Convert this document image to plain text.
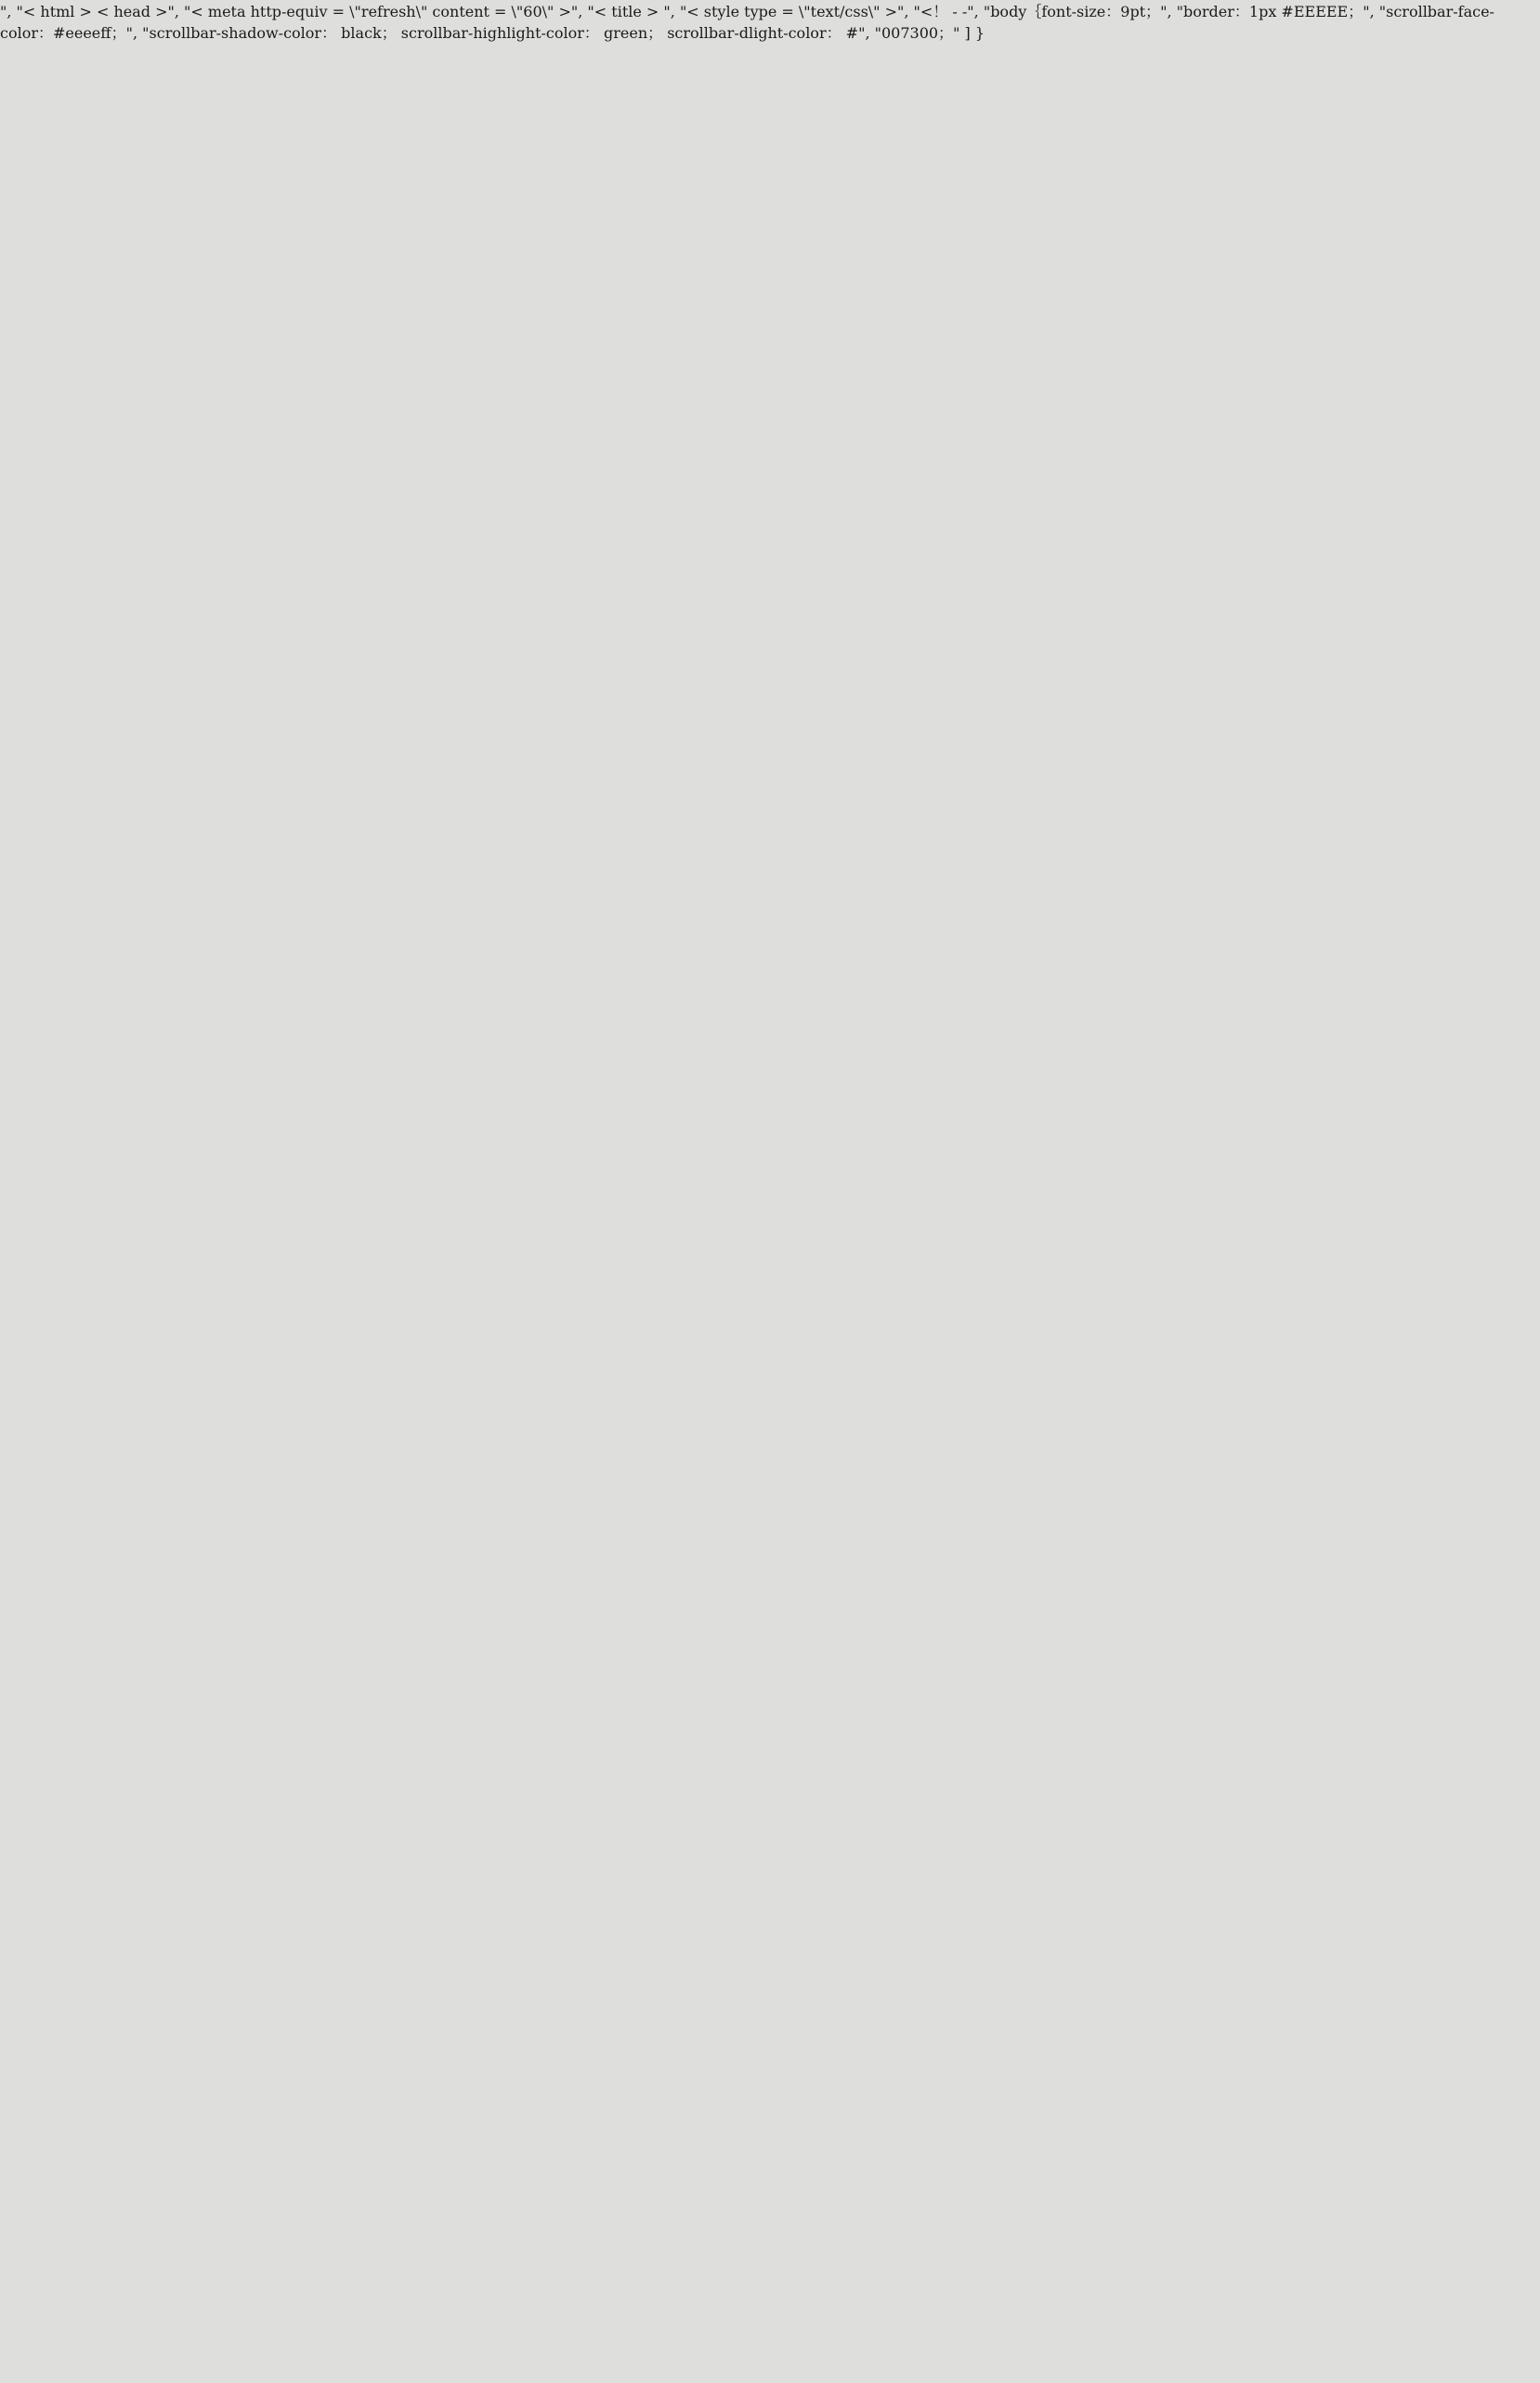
", "< html > < head >", "< meta http-equiv = \"refresh\" content = \"60\" >", "< title > ", "< style type = \"text/css\" >", "<！ - -", "body｛font-size：9pt；", "border：1px #EEEEE；", "scrollbar-face-color：#eeeeff；", "scrollbar-shadow-color： black； scrollbar-highlight-color： green； scrollbar-dlight-color： #", "007300；" ] }
